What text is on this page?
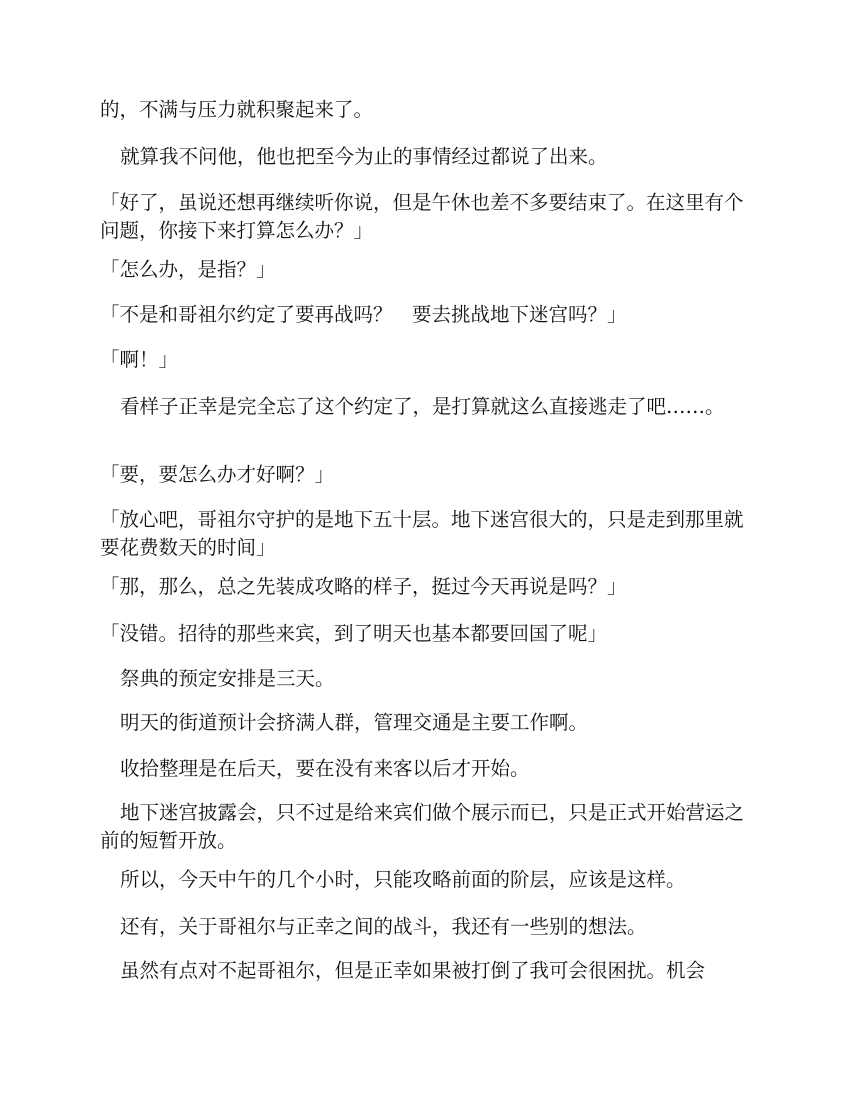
的，不满与压力就积聚起来了。

就算我不问他，他也把至今为止的事情经过都说了出来。

「好了，虽说还想再继续听你说，但是午休也差不多要结束了。在这里有个问题，你接下来打算怎么办？」

「怎么办，是指？」

「不是和哥祖尔约定了要再战吗？　要去挑战地下迷宫吗？」

「啊！」

看样子正幸是完全忘了这个约定了，是打算就这么直接逃走了吧……。

「要，要怎么办才好啊？」

「放心吧，哥祖尔守护的是地下五十层。地下迷宫很大的，只是走到那里就要花费数天的时间」

「那，那么，总之先装成攻略的样子，挺过今天再说是吗？」

「没错。招待的那些来宾，到了明天也基本都要回国了呢」

祭典的预定安排是三天。

明天的街道预计会挤满人群，管理交通是主要工作啊。

收拾整理是在后天，要在没有来客以后才开始。

地下迷宫披露会，只不过是给来宾们做个展示而已，只是正式开始营运之前的短暂开放。

所以，今天中午的几个小时，只能攻略前面的阶层，应该是这样。

还有，关于哥祖尔与正幸之间的战斗，我还有一些别的想法。

虽然有点对不起哥祖尔，但是正幸如果被打倒了我可会很困扰。机会
